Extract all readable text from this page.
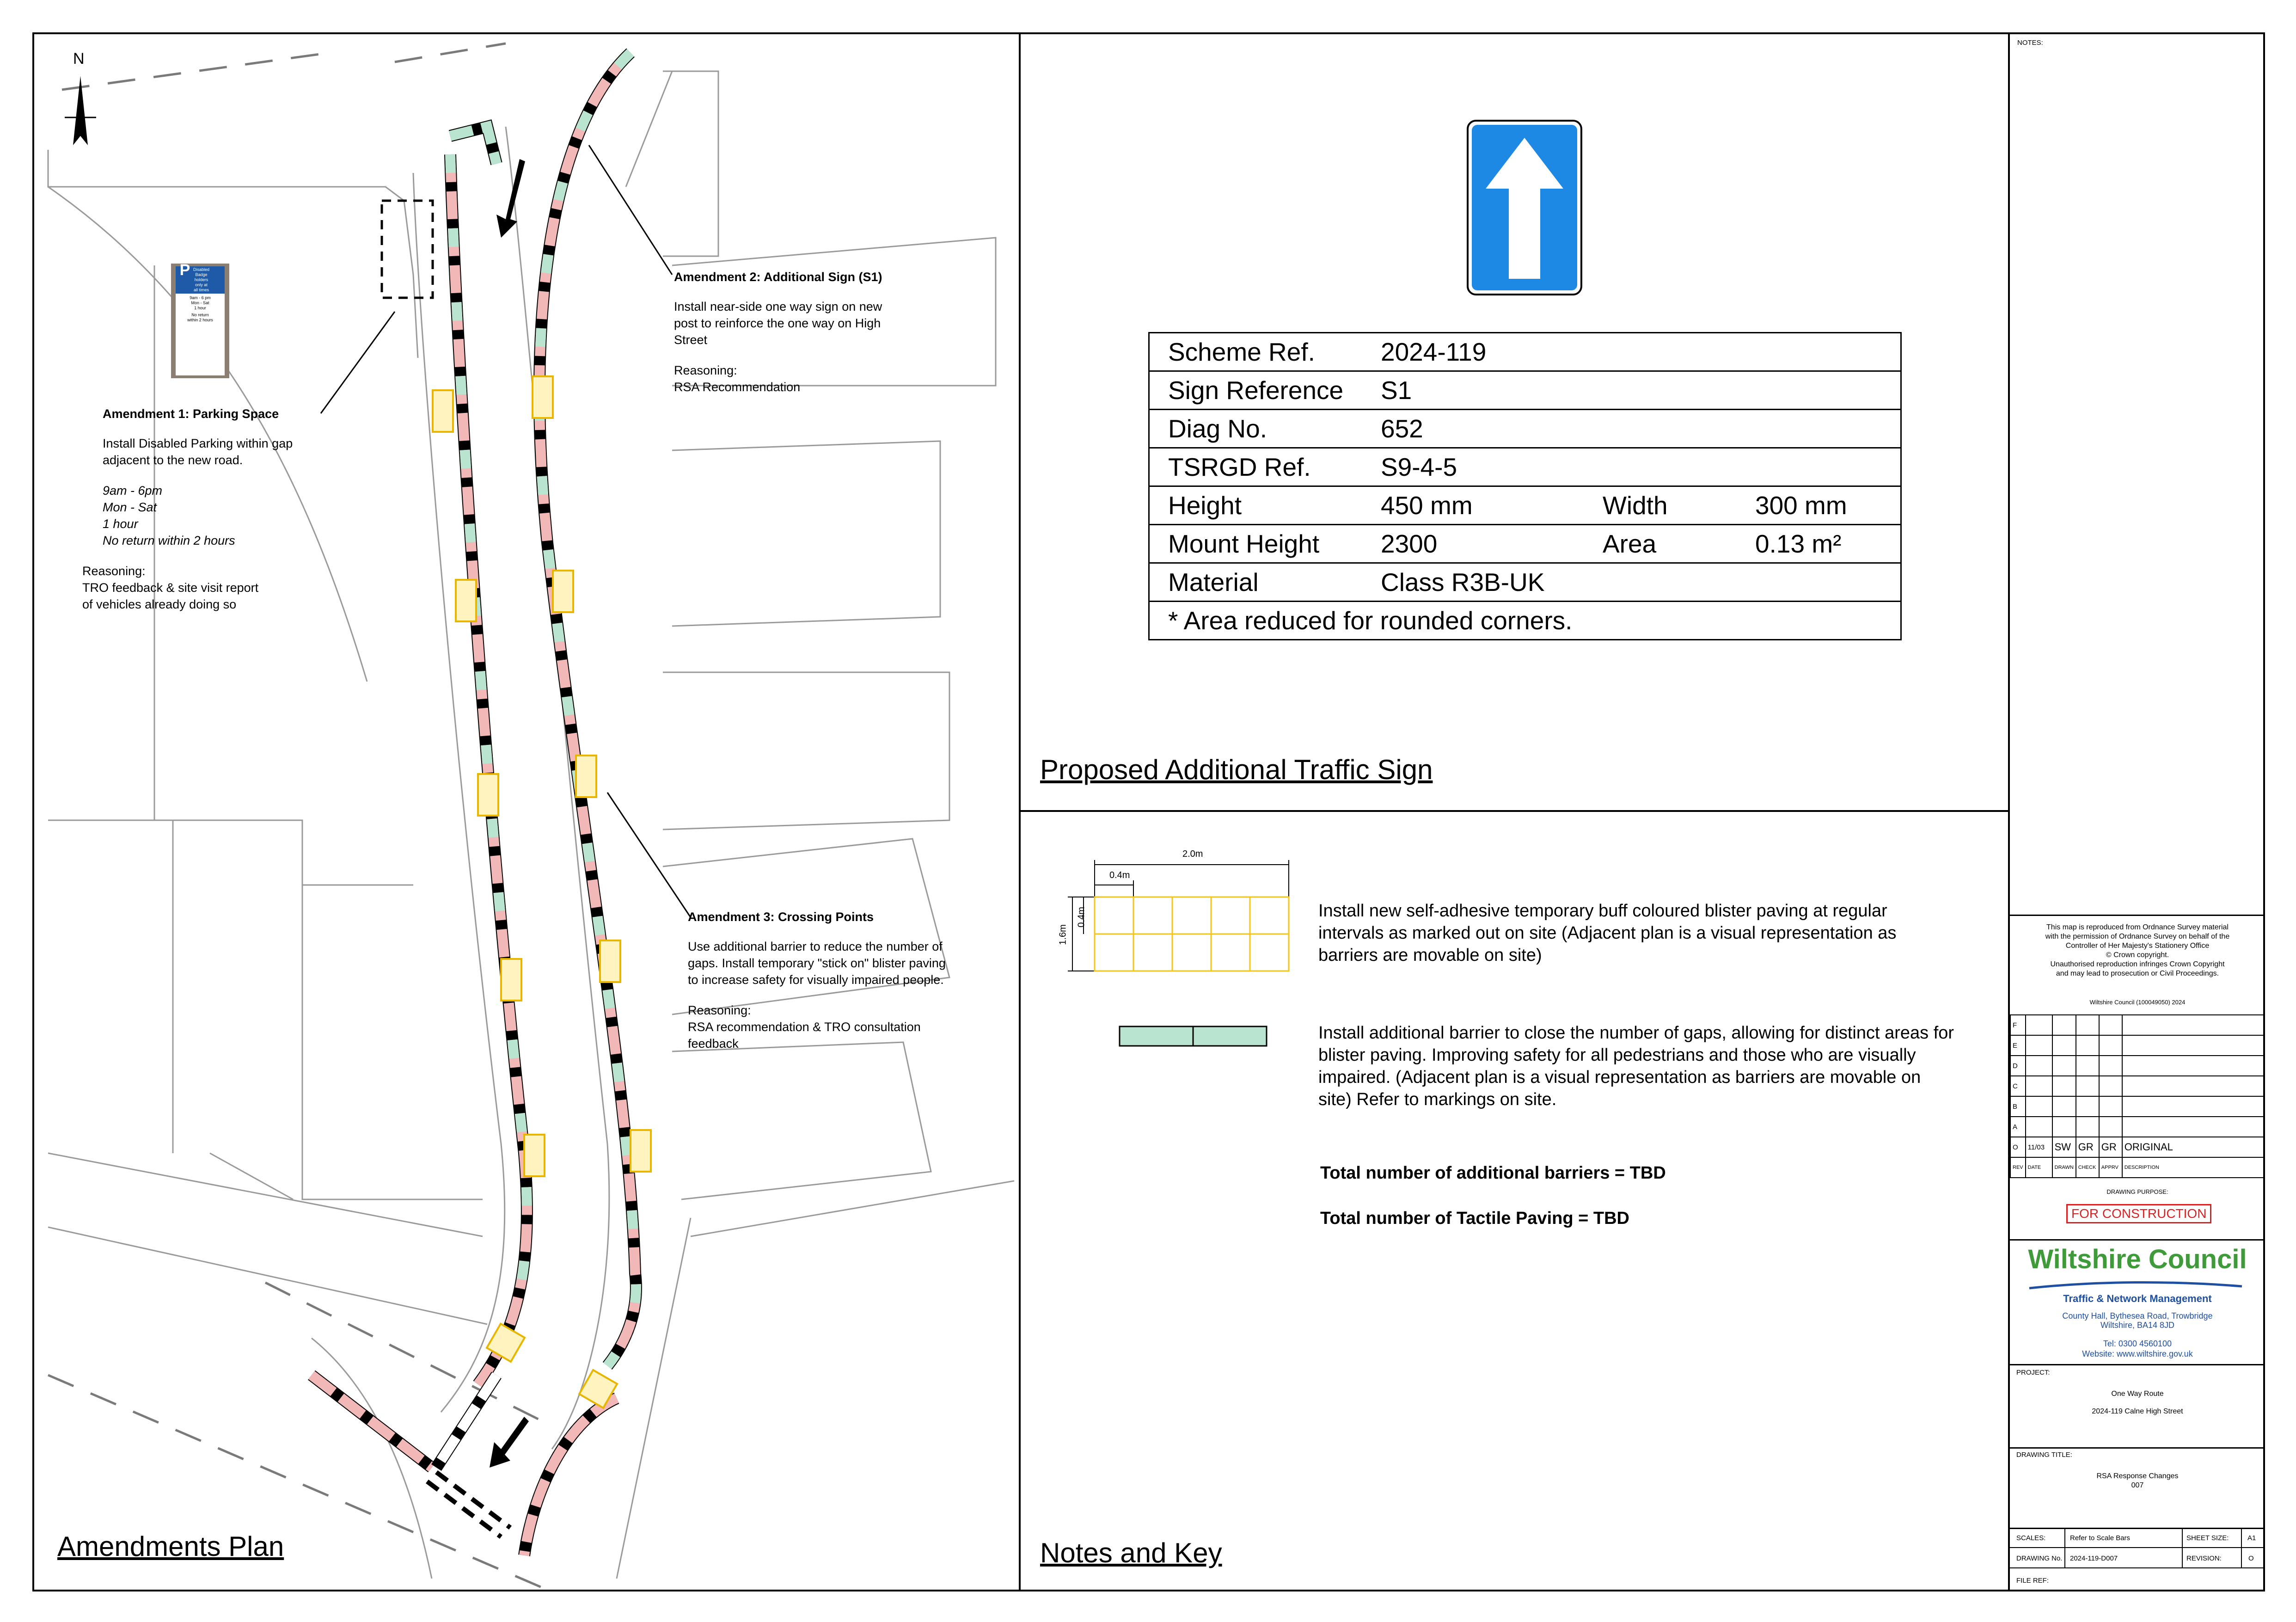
N
P Disabled
Badge
holders
only at
all times
9am - 6 pm
Mon - Sat
1 hour
No return
within 2 hours
Amendment 1: Parking Space
Install Disabled Parking within gap
adjacent to the new road.
9am - 6pm
Mon - Sat
1 hour
No return within 2 hours
Reasoning:
TRO feedback & site visit report
of vehicles already doing so
Amendment 2: Additional Sign (S1)
Install near-side one way sign on new
post to reinforce the one way on High
Street
Reasoning:
RSA Recommendation
Amendment 3: Crossing Points
Use additional barrier to reduce the number of
gaps. Install temporary "stick on" blister paving
to increase safety for visually impaired people.
Reasoning:
RSA recommendation & TRO consultation
feedback
Amendments Plan
Scheme Ref.	2024-119		
Sign Reference	S1		
Diag No.	652		
TSRGD Ref.	S9-4-5		
Height	450 mm	Width	300 mm
Mount Height	2300	Area	0.13 m²
Material	Class R3B-UK		
* Area reduced for rounded corners.			
Proposed Additional Traffic Sign
2.0m
0.4m
0.4m
1.6m
Install new self-adhesive temporary buff coloured blister paving at regular intervals as marked out on site (Adjacent plan is a visual representation as barriers are movable on site)
Install additional barrier to close the number of gaps, allowing for distinct areas for blister paving. Improving safety for all pedestrians and those who are visually impaired. (Adjacent plan is a visual representation as barriers are movable on site) Refer to markings on site.
Total number of additional barriers = TBD
Total number of Tactile Paving = TBD
Notes and Key
NOTES:
This map is reproduced from Ordnance Survey material
with the permission of Ordnance Survey on behalf of the
Controller of Her Majesty's Stationery Office
© Crown copyright.
Unauthorised reproduction infringes Crown Copyright
and may lead to prosecution or Civil Proceedings.
Wiltshire Council (100049050) 2024
F					
E					
D					
C					
B					
A					
O	11/03	SW	GR	GR	ORIGINAL
REV	DATE	DRAWN	CHECK	APPRV	DESCRIPTION
DRAWING PURPOSE:
FOR CONSTRUCTION
Wiltshire Council
Traffic & Network Management
County Hall, Bythesea Road, Trowbridge
Wiltshire, BA14 8JD
Tel: 0300 4560100
Website: www.wiltshire.gov.uk
PROJECT:
One Way Route
2024-119 Calne High Street
DRAWING TITLE:
RSA Response Changes
007
SCALES:	Refer to Scale Bars	SHEET SIZE:	A1
DRAWING No. 2024-119-D007	REVISION:	O
FILE REF:
